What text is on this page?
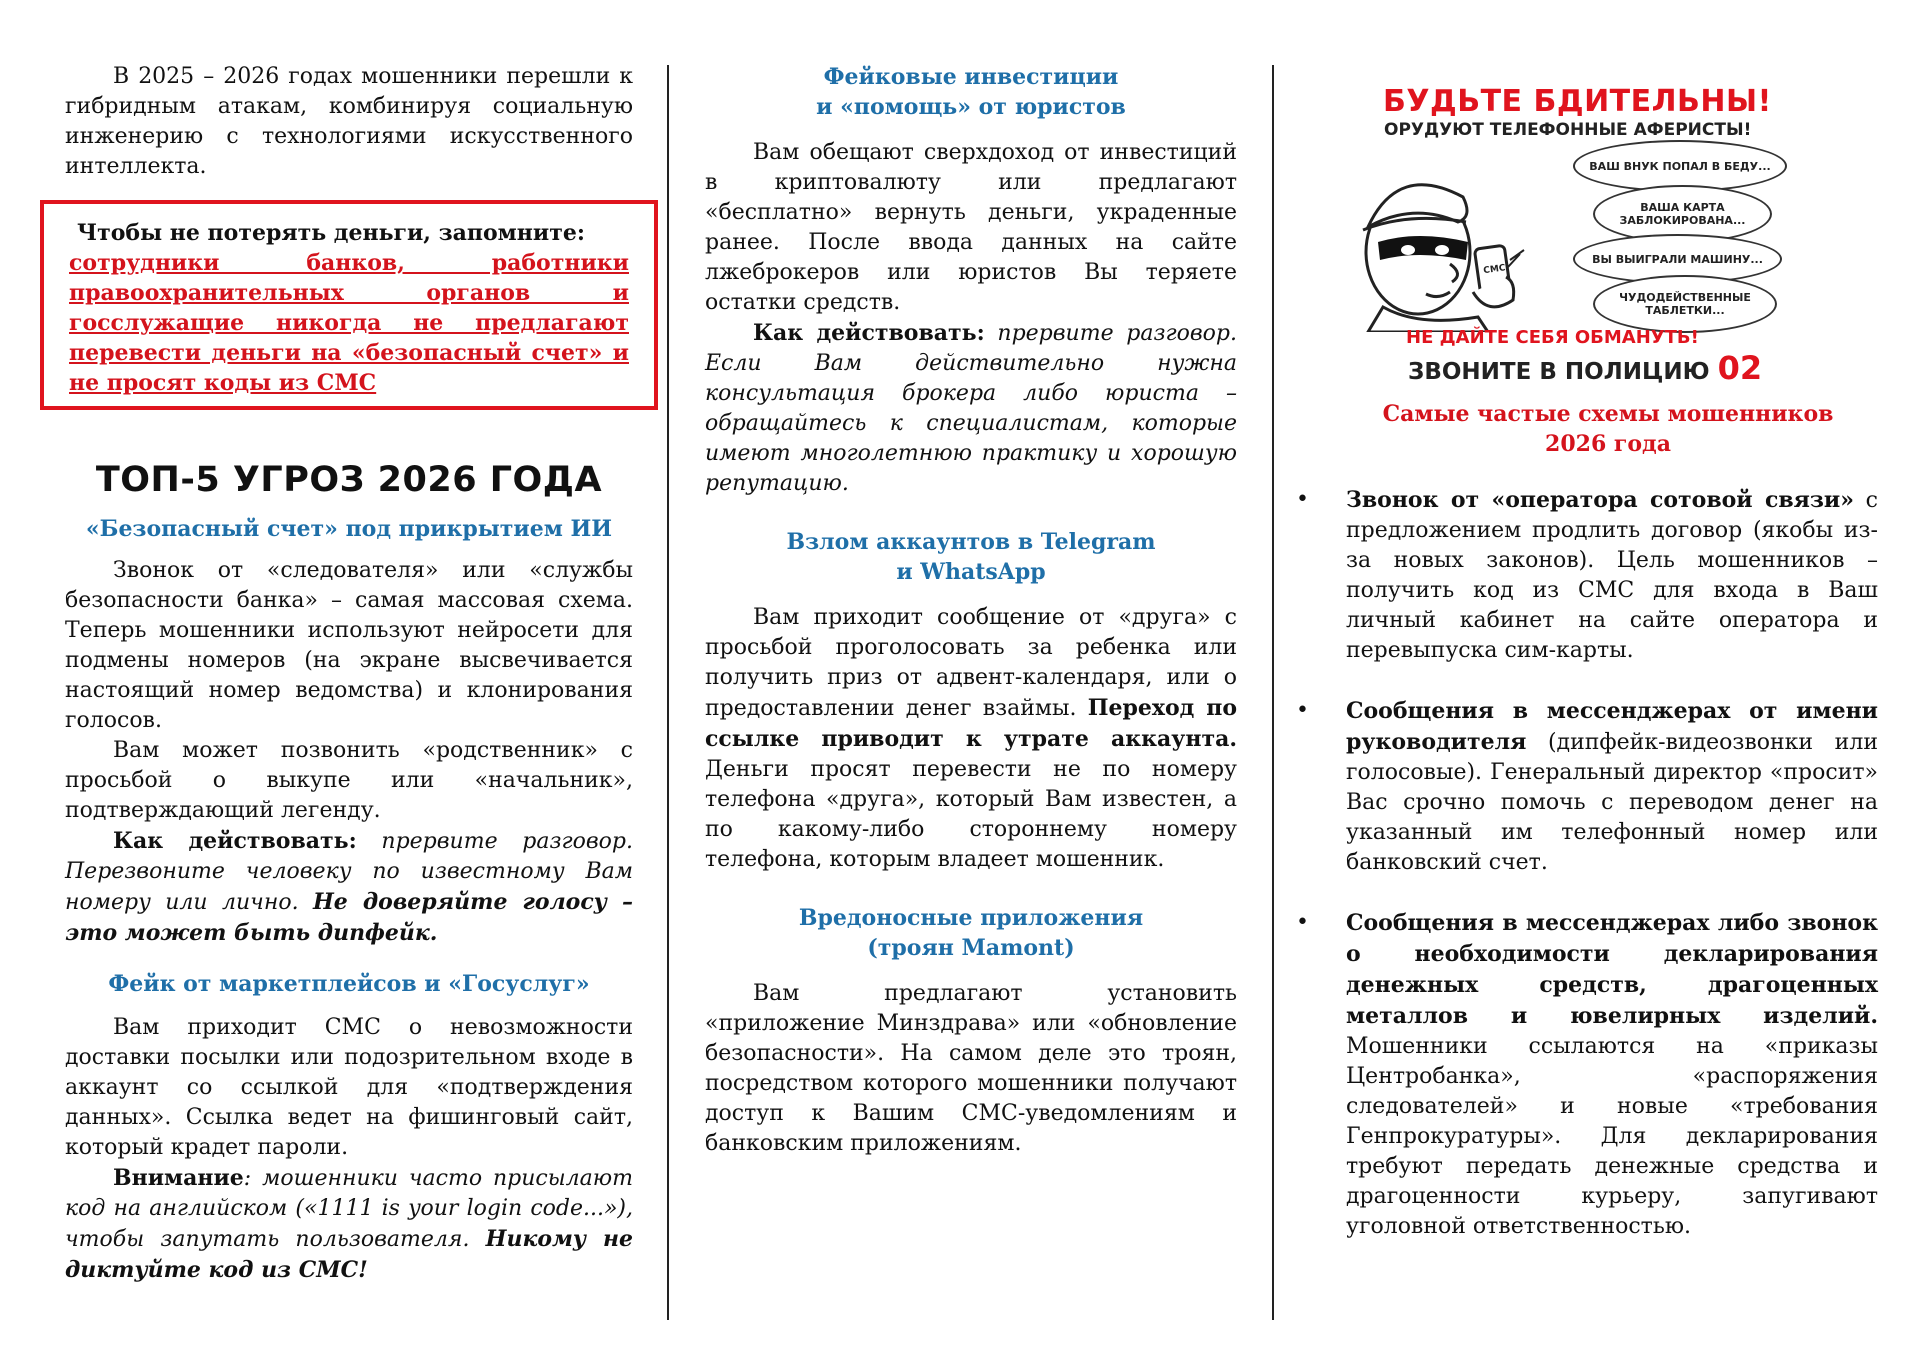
В 2025 – 2026 годах мошенники перешли к гибридным атакам, комбинируя социальную инженерию с технологиями искусственного интеллекта.

Чтобы не потерять деньги, запомните:

сотрудники банков, работники правоохранительных органов и госслужащие никогда не предлагают перевести деньги на «безопасный счет» и не просят коды из СМС

ТОП-5 УГРОЗ 2026 ГОДА

«Безопасный счет» под прикрытием ИИ

Звонок от «следователя» или «службы безопасности банка» – самая массовая схема. Теперь мошенники используют нейросети для подмены номеров (на экране высвечивается настоящий номер ведомства) и клонирования голосов.

Вам может позвонить «родственник» с просьбой о выкупе или «начальник», подтверждающий легенду.

Как действовать: прервите разговор. Перезвоните человеку по известному Вам номеру или лично. Не доверяйте голосу – это может быть дипфейк.

Фейк от маркетплейсов и «Госуслуг»

Вам приходит СМС о невозможности доставки посылки или подозрительном входе в аккаунт со ссылкой для «подтверждения данных». Ссылка ведет на фишинговый сайт, который крадет пароли.

Внимание: мошенники часто присылают код на английском («1111 is your login code...»), чтобы запутать пользователя. Никому не диктуйте код из СМС!

Фейковые инвестиции

и «помощь» от юристов

Вам обещают сверхдоход от инвестиций в криптовалюту или предлагают «бесплатно» вернуть деньги, украденные ранее. После ввода данных на сайте лжеброкеров или юристов Вы теряете остатки средств.

Как действовать: прервите разговор. Если Вам действительно нужна консультация брокера либо юриста – обращайтесь к специалистам, которые имеют многолетнюю практику и хорошую репутацию.

Взлом аккаунтов в Telegram

и WhatsApp

Вам приходит сообщение от «друга» с просьбой проголосовать за ребенка или получить приз от адвент-календаря, или о предоставлении денег взаймы. Переход по ссылке приводит к утрате аккаунта. Деньги просят перевести не по номеру телефона «друга», который Вам известен, а по какому-либо стороннему номеру телефона, которым владеет мошенник.

Вредоносные приложения

(троян Mamont)

Вам предлагают установить «приложение Минздрава» или «обновление безопасности». На самом деле это троян, посредством которого мошенники получают доступ к Вашим СМС-уведомлениям и банковским приложениям.

БУДЬТЕ БДИТЕЛЬНЫ!
ОРУДУЮТ ТЕЛЕФОННЫЕ АФЕРИСТЫ!
СМС
ВАШ ВНУК ПОПАЛ В БЕДУ...
ВАША КАРТА ЗАБЛОКИРОВАНА...
ВЫ ВЫИГРАЛИ МАШИНУ...
ЧУДОДЕЙСТВЕННЫЕ ТАБЛЕТКИ...
НЕ ДАЙТЕ СЕБЯ ОБМАНУТЬ!
ЗВОНИТЕ В ПОЛИЦИЮ 02

Самые частые схемы мошенников
2026 года

• Звонок от «оператора сотовой связи» с предложением продлить договор (якобы из-за новых законов). Цель мошенников – получить код из СМС для входа в Ваш личный кабинет на сайте оператора и перевыпуска сим-карты.

• Сообщения в мессенджерах от имени руководителя (дипфейк-видеозвонки или голосовые). Генеральный директор «просит» Вас срочно помочь с переводом денег на указанный им телефонный номер или банковский счет.

• Сообщения в мессенджерах либо звонок о необходимости декларирования денежных средств, драгоценных металлов и ювелирных изделий. Мошенники ссылаются на «приказы Центробанка», «распоряжения следователей» и новые «требования Генпрокуратуры». Для декларирования требуют передать денежные средства и драгоценности курьеру, запугивают уголовной ответственностью.
